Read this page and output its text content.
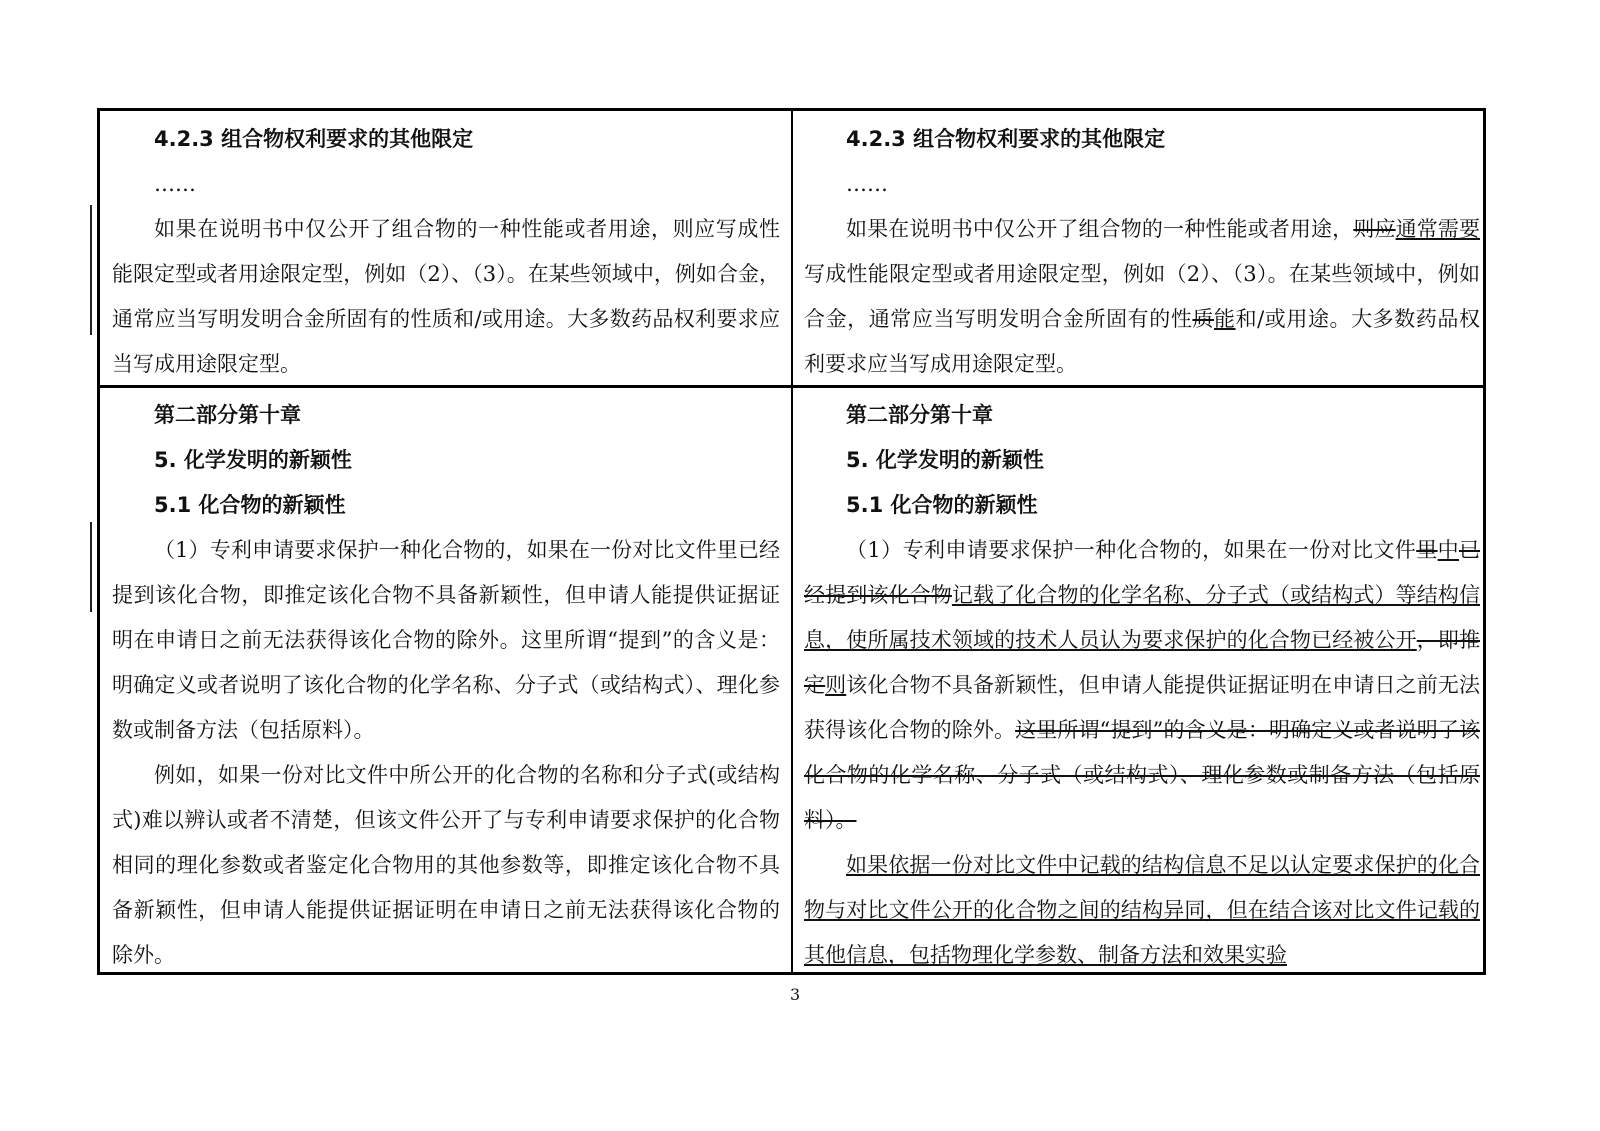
4.2.3 组合物权利要求的其他限定
……

如果在说明书中仅公开了组合物的一种性能或者用途，则应写成性能限定型或者用途限定型，例如（2）、（3）。在某些领域中，例如合金，通常应当写明发明合金所固有的性质和/或用途。大多数药品权利要求应当写成用途限定型。

4.2.3 组合物权利要求的其他限定
……

如果在说明书中仅公开了组合物的一种性能或者用途，则应通常需要写成性能限定型或者用途限定型，例如（2）、（3）。在某些领域中，例如合金，通常应当写明发明合金所固有的性质能和/或用途。大多数药品权利要求应当写成用途限定型。

第二部分第十章
5. 化学发明的新颖性
5.1 化合物的新颖性

（1）专利申请要求保护一种化合物的，如果在一份对比文件里已经提到该化合物，即推定该化合物不具备新颖性，但申请人能提供证据证明在申请日之前无法获得该化合物的除外。这里所谓“提到”的含义是：明确定义或者说明了该化合物的化学名称、分子式（或结构式）、理化参数或制备方法（包括原料）。

例如，如果一份对比文件中所公开的化合物的名称和分子式(或结构式)难以辨认或者不清楚，但该文件公开了与专利申请要求保护的化合物相同的理化参数或者鉴定化合物用的其他参数等，即推定该化合物不具备新颖性，但申请人能提供证据证明在申请日之前无法获得该化合物的除外。

第二部分第十章
5. 化学发明的新颖性
5.1 化合物的新颖性

（1）专利申请要求保护一种化合物的，如果在一份对比文件里中已经提到该化合物记载了化合物的化学名称、分子式（或结构式）等结构信息，使所属技术领域的技术人员认为要求保护的化合物已经被公开，即推定则该化合物不具备新颖性，但申请人能提供证据证明在申请日之前无法获得该化合物的除外。这里所谓“提到”的含义是：明确定义或者说明了该化合物的化学名称、分子式（或结构式）、理化参数或制备方法（包括原料）。

如果依据一份对比文件中记载的结构信息不足以认定要求保护的化合物与对比文件公开的化合物之间的结构异同，但在结合该对比文件记载的其他信息，包括物理化学参数、制备方法和效果实验

3
